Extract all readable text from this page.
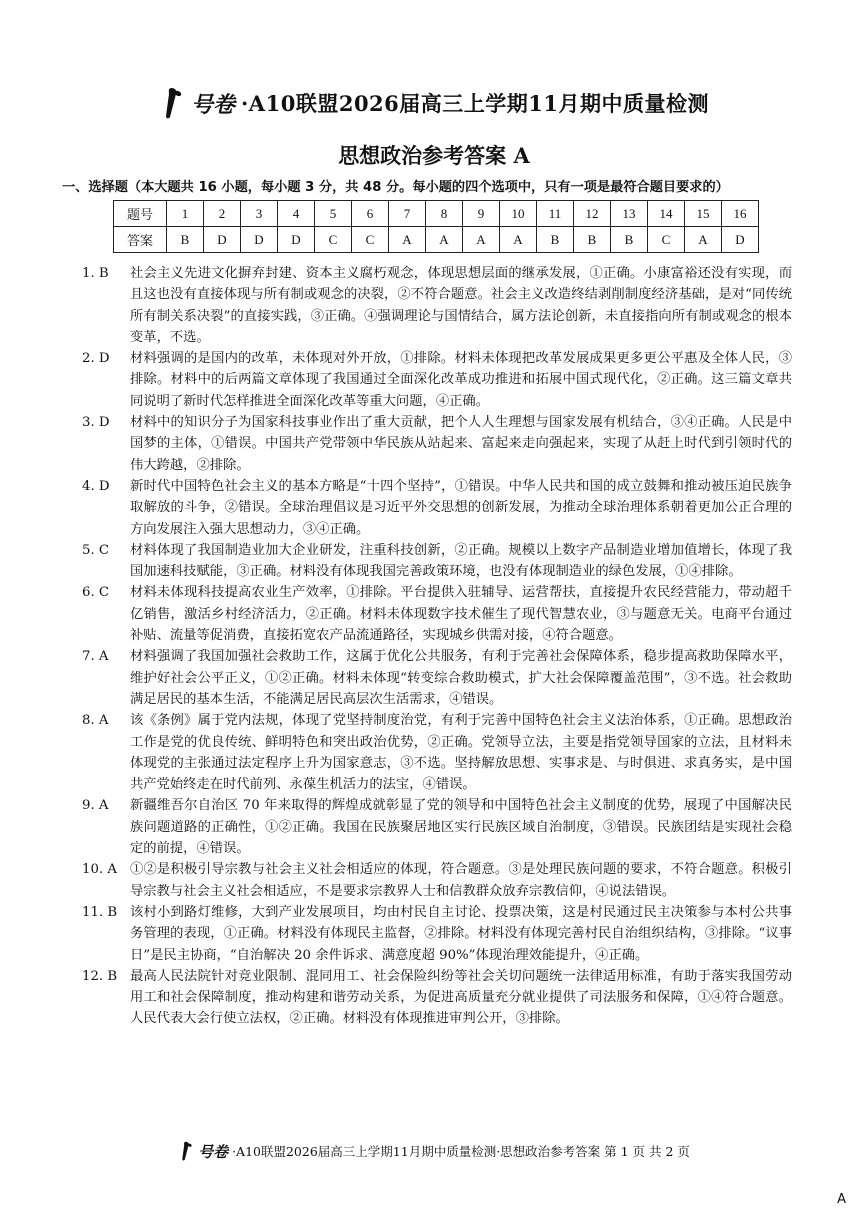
号卷 ·A10联盟2026届高三上学期11月期中质量检测
思想政治参考答案 A
一、选择题（本大题共 16 小题，每小题 3 分，共 48 分。每小题的四个选项中，只有一项是最符合题目要求的）
题号	1	2	3	4	5	6	7	8	9	10	11	12	13	14	15	16
答案	B	D	D	D	C	C	A	A	A	A	B	B	B	C	A	D
1. B	社会主义先进文化摒弃封建、资本主义腐朽观念，体现思想层面的继承发展，①正确。小康富裕还没有实现，而且这也没有直接体现与所有制或观念的决裂，②不符合题意。社会主义改造终结剥削制度经济基础，是对“同传统所有制关系决裂”的直接实践，③正确。④强调理论与国情结合，属方法论创新，未直接指向所有制或观念的根本变革，不选。
2. D	材料强调的是国内的改革，未体现对外开放，①排除。材料未体现把改革发展成果更多更公平惠及全体人民，③排除。材料中的后两篇文章体现了我国通过全面深化改革成功推进和拓展中国式现代化，②正确。这三篇文章共同说明了新时代怎样推进全面深化改革等重大问题，④正确。
3. D	材料中的知识分子为国家科技事业作出了重大贡献，把个人人生理想与国家发展有机结合，③④正确。人民是中国梦的主体，①错误。中国共产党带领中华民族从站起来、富起来走向强起来，实现了从赶上时代到引领时代的伟大跨越，②排除。
4. D	新时代中国特色社会主义的基本方略是“十四个坚持”，①错误。中华人民共和国的成立鼓舞和推动被压迫民族争取解放的斗争，②错误。全球治理倡议是习近平外交思想的创新发展，为推动全球治理体系朝着更加公正合理的方向发展注入强大思想动力，③④正确。
5. C	材料体现了我国制造业加大企业研发，注重科技创新，②正确。规模以上数字产品制造业增加值增长，体现了我国加速科技赋能，③正确。材料没有体现我国完善政策环境，也没有体现制造业的绿色发展，①④排除。
6. C	材料未体现科技提高农业生产效率，①排除。平台提供入驻辅导、运营帮扶，直接提升农民经营能力，带动超千亿销售，激活乡村经济活力，②正确。材料未体现数字技术催生了现代智慧农业，③与题意无关。电商平台通过补贴、流量等促消费，直接拓宽农产品流通路径，实现城乡供需对接，④符合题意。
7. A	材料强调了我国加强社会救助工作，这属于优化公共服务，有利于完善社会保障体系，稳步提高救助保障水平，维护好社会公平正义，①②正确。材料未体现“转变综合救助模式，扩大社会保障覆盖范围”，③不选。社会救助满足居民的基本生活，不能满足居民高层次生活需求，④错误。
8. A	该《条例》属于党内法规，体现了党坚持制度治党，有利于完善中国特色社会主义法治体系，①正确。思想政治工作是党的优良传统、鲜明特色和突出政治优势，②正确。党领导立法，主要是指党领导国家的立法，且材料未体现党的主张通过法定程序上升为国家意志，③不选。坚持解放思想、实事求是、与时俱进、求真务实，是中国共产党始终走在时代前列、永葆生机活力的法宝，④错误。
9. A	新疆维吾尔自治区 70 年来取得的辉煌成就彰显了党的领导和中国特色社会主义制度的优势，展现了中国解决民族问题道路的正确性，①②正确。我国在民族聚居地区实行民族区域自治制度，③错误。民族团结是实现社会稳定的前提，④错误。
10. A ①②是积极引导宗教与社会主义社会相适应的体现，符合题意。③是处理民族问题的要求，不符合题意。积极引导宗教与社会主义社会相适应，不是要求宗教界人士和信教群众放弃宗教信仰，④说法错误。
11. B 该村小到路灯维修，大到产业发展项目，均由村民自主讨论、投票决策，这是村民通过民主决策参与本村公共事务管理的表现，①正确。材料没有体现民主监督，②排除。材料没有体现完善村民自治组织结构，③排除。“议事日”是民主协商，“自治解决 20 余件诉求、满意度超 90%”体现治理效能提升，④正确。
12. B 最高人民法院针对竞业限制、混同用工、社会保险纠纷等社会关切问题统一法律适用标准，有助于落实我国劳动用工和社会保障制度，推动构建和谐劳动关系，为促进高质量充分就业提供了司法服务和保障，①④符合题意。人民代表大会行使立法权，②正确。材料没有体现推进审判公开，③排除。
号卷 ·A10联盟2026届高三上学期11月期中质量检测·思想政治参考答案 第 1 页 共 2 页
A
